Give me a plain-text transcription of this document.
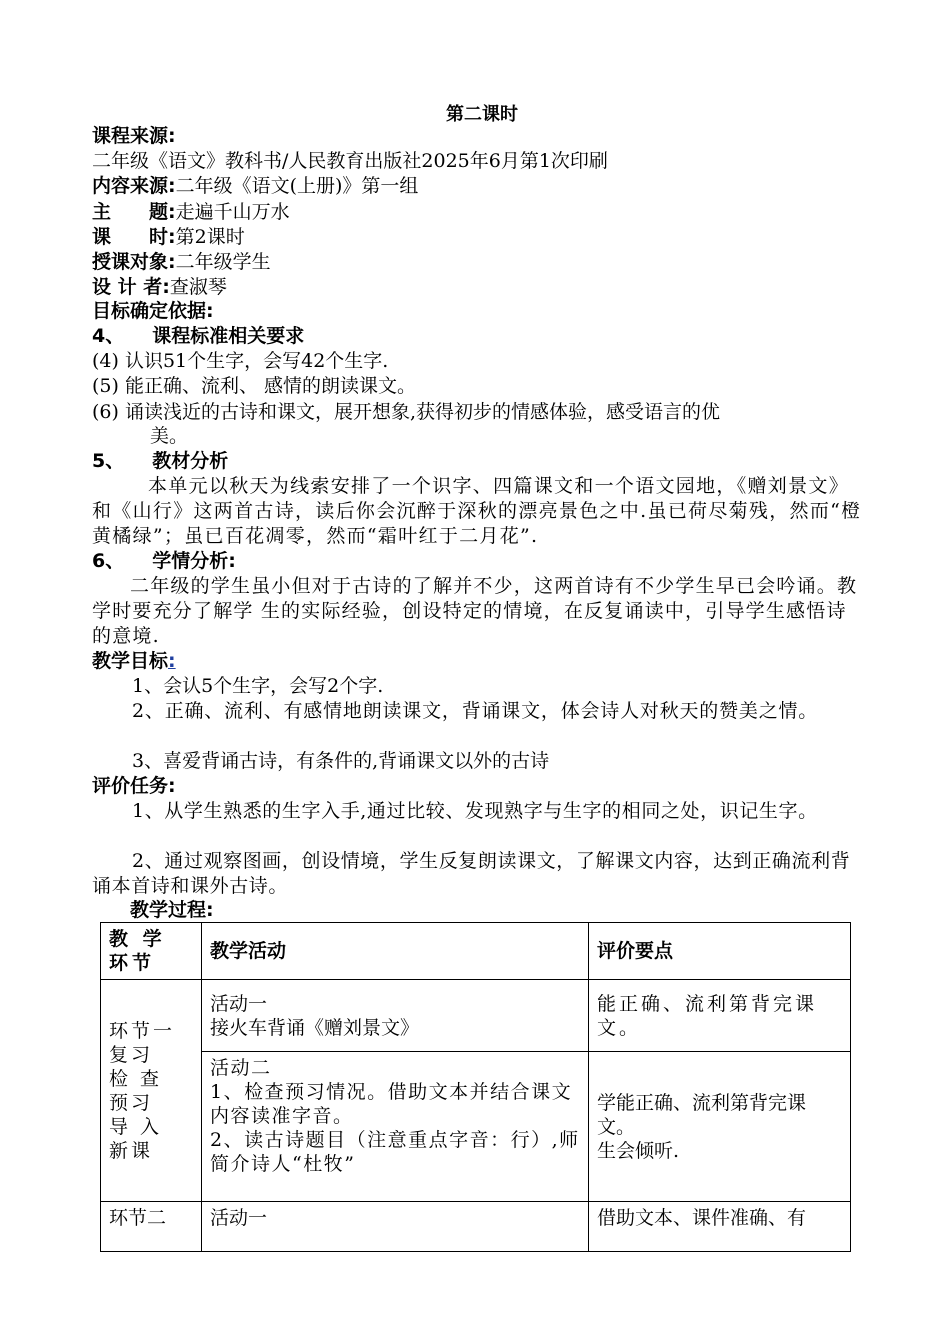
第二课时
课程来源:
二年级《语文》教科书/人民教育出版社2025年6月第1次印刷
内容来源:二年级《语文(上册)》第一组
主　　题:走遍千山万水
课　　时:第2课时
授课对象:二年级学生
设 计 者:查淑琴
目标确定依据:
4、 课程标准相关要求
(4) 认识51个生字，会写42个生字.
(5) 能正确、流利、 感情的朗读课文。
(6) 诵读浅近的古诗和课文，展开想象,获得初步的情感体验，感受语言的优
美。
5、 教材分析
本单元以秋天为线索安排了一个识字、四篇课文和一个语文园地，《赠刘景文》和《山行》这两首古诗，读后你会沉醉于深秋的漂亮景色之中.虽已荷尽菊残，然而“橙黄橘绿”；虽已百花凋零，然而“霜叶红于二月花”.
6、 学情分析:
二年级的学生虽小但对于古诗的了解并不少，这两首诗有不少学生早已会吟诵。教学时要充分了解学 生的实际经验，创设特定的情境，在反复诵读中，引导学生感悟诗的意境.
教学目标:
1、会认5个生字，会写2个字.
2、正确、流利、有感情地朗读课文，背诵课文，体会诗人对秋天的赞美之情。
3、喜爱背诵古诗，有条件的,背诵课文以外的古诗
评价任务:
1、从学生熟悉的生字入手,通过比较、发现熟字与生字的相同之处，识记生字。
2、通过观察图画，创设情境，学生反复朗读课文，了解课文内容，达到正确流利背诵本首诗和课外古诗。
教学过程:
教 学 环节	教学活动	评价要点
环节一
复习
检 查 预习
导 入 新课	活动一
接火车背诵《赠刘景文》	能正确、流利第背完课文。
	活动二
1、检查预习情况。借助文本并结合课文内容读准字音。
2、读古诗题目（注意重点字音：行）,师简介诗人“杜牧”	学能正确、流利第背完课文。
生会倾听.
环节二	活动一	借助文本、课件准确、有
